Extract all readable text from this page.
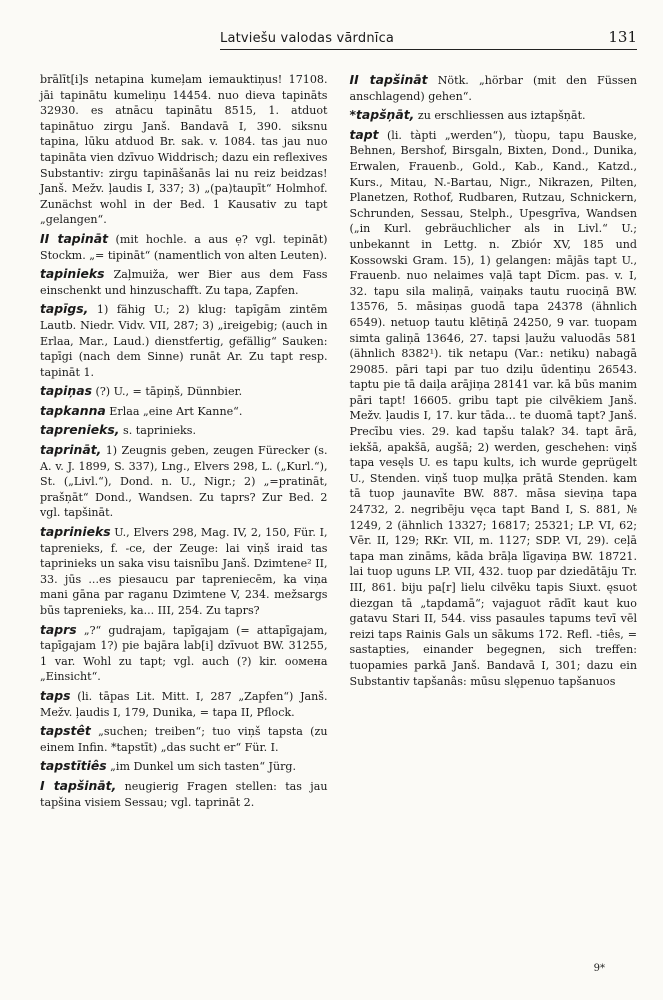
Latviešu valodas vārdnīca	131

brālīt[i]s netapina kumeļam iemauktiņus! 17108. jāi tapinātu kumeliņu 14454. nuo dieva tapināts 32930. es atnācu tapinātu 8515, 1. atduot tapinātuo zirgu Janš. Bandavā I, 390. siksnu tapina, lūku atduod Br. sak. v. 1084. tas jau nuo tapināta vien dzīvuo Widdrisch; dazu ein reflexives Substantiv: zirgu tapināšanās lai nu reiz beidzas! Janš. Mežv. ļaudis I, 337; 3) „(pa)taupīt“ Holmhof. Zunächst wohl in der Bed. 1 Kausativ zu tapt „gelangen“.

II tapināt (mit hochle. a aus ẹ? vgl. tepināt) Stockm. „= tipināt“ (namentlich von alten Leuten).

tapinieks Zaļmuiža, wer Bier aus dem Fass einschenkt und hinzuschafft. Zu tapa, Zapfen.

tapīgs, 1) fähig U.; 2) klug: tapīgām zintēm Lautb. Niedr. Vidv. VII, 287; 3) „ireigebig; (auch in Erlaa, Mar., Laud.) dienstfertig, gefällig“ Sauken: tapīgi (nach dem Sinne) runāt Ar. Zu tapt resp. tapināt 1.

tapiņas (?) U., = tāpiņš, Dünnbier.

tapkanna Erlaa „eine Art Kanne“.

taprenieks, s. taprinieks.

taprināt, 1) Zeugnis geben, zeugen Fürecker (s. A. v. J. 1899, S. 337), Lng., Elvers 298, L. („Kurl.“), St. („Livl.“), Dond. n. U., Nigr.; 2) „=pratināt, prašņāt“ Dond., Wandsen. Zu taprs? Zur Bed. 2 vgl. tapšināt.

taprinieks U., Elvers 298, Mag. IV, 2, 150, Für. I, taprenieks, f. -ce, der Zeuge: lai viņš iraid tas taprinieks un saka visu taisnību Janš. Dzimtene² II, 33. jūs ...es piesaucu par taprenieсēm, ka viņa mani gāna par raganu Dzimtene V, 234. mežsargs būs taprenieks, ka... III, 254. Zu taprs?

taprs „?“ gudrajam, tapīgajam (= attapīgajam, tapīgajam 1?) pie bajāra lab[i] dzīvuot BW. 31255, 1 var. Wohl zu tapt; vgl. auch (?) kir. ооменa „Einsicht“.

taps (li. tāpas Lit. Mitt. I, 287 „Zapfen“) Janš. Mežv. ļaudis I, 179, Dunika, = tapa II, Pflock.

tapstêt „suchen; treiben“; tuo viņš tapsta (zu einem Infin. *tapstīt) „das sucht er“ Für. I.

tapstītiês „im Dunkel um sich tasten“ Jürg.

I tapšināt, neugierig Fragen stellen: tas jau tapšina visiem Sessau; vgl. taprināt 2.

II tapšināt Nötk. „hörbar (mit den Füssen anschlagend) gehen“.

*tapšņāt, zu erschliessen aus iztapšņāt.

tapt (li. tàpti „werden“), tùopu, tapu Bauske, Behnen, Bershof, Birsgaln, Bixten, Dond., Dunika, Erwalen, Frauenb., Gold., Kab., Kand., Katzd., Kurs., Mitau, N.-Bartau, Nigr., Nikrazen, Pilten, Planetzen, Rothof, Rudbaren, Rutzau, Schnickern, Schrunden, Sessau, Stelph., Upesgrīva, Wandsen („in Kurl. gebräuchlicher als in Livl.“ U.; unbekannt in Lettg. n. Zbiór XV, 185 und Kossowski Gram. 15), 1) gelangen: mājās tapt U., Frauenb. nuo nelaimes vaļā tapt Dīcm. pas. v. I, 32. tapu sila maliņā, vaiņaks tautu ruociņā BW. 13576, 5. māsiņas guodā tapa 24378 (ähnlich 6549). netuop tautu klētiņā 24250, 9 var. tuopam simta galiņā 13646, 27. tapsi ļaužu valuodās 581 (ähnlich 8382¹). tik netapu (Var.: netiku) nabagā 29085. pāri tapi par tuo dziļu ūdentiņu 26543. taptu pie tā daiļa arājiņa 28141 var. kā būs manim pāri tapt! 16605. gribu tapt pie cilvēkiem Janš. Mežv. ļaudis I, 17. kur tāda... te duomā tapt? Janš. Precību vies. 29. kad tapšu talak? 34. tapt ārā, iekšā, apakšā, augšā; 2) werden, geschehen: viņš tapa vesęls U. es tapu kults, ich wurde geprügelt U., Stenden. viņš tuop muļķa prātā Stenden. kam tā tuop jaunavīte BW. 887. māsa sieviņa tapa 24732, 2. negribēju vęca tapt Band I, S. 881, № 1249, 2 (ähnlich 13327; 16817; 25321; LP. VI, 62; Vēr. II, 129; RKr. VII, m. 1127; SDP. VI, 29). ceļā tapa man zināms, kāda brāļa līgaviņa BW. 18721. lai tuop uguns LP. VII, 432. tuop par dziedātāju Tr. III, 861. biju pa[r] lielu cilvēku tapis Siuxt. ęsuot diezgan tā „tapdamā“; vajaguot rādīt kaut kuo gatavu Stari II, 544. viss pasaules tapums tevī vēl reizi taps Rainis Gals un sākums 172. Refl. -tiês, = sastapties, einander begegnen, sich treffen: tuopamies parkā Janš. Bandavā I, 301; dazu ein Substantiv tapšanâs: mūsu slępenuo tapšanuos

9*
